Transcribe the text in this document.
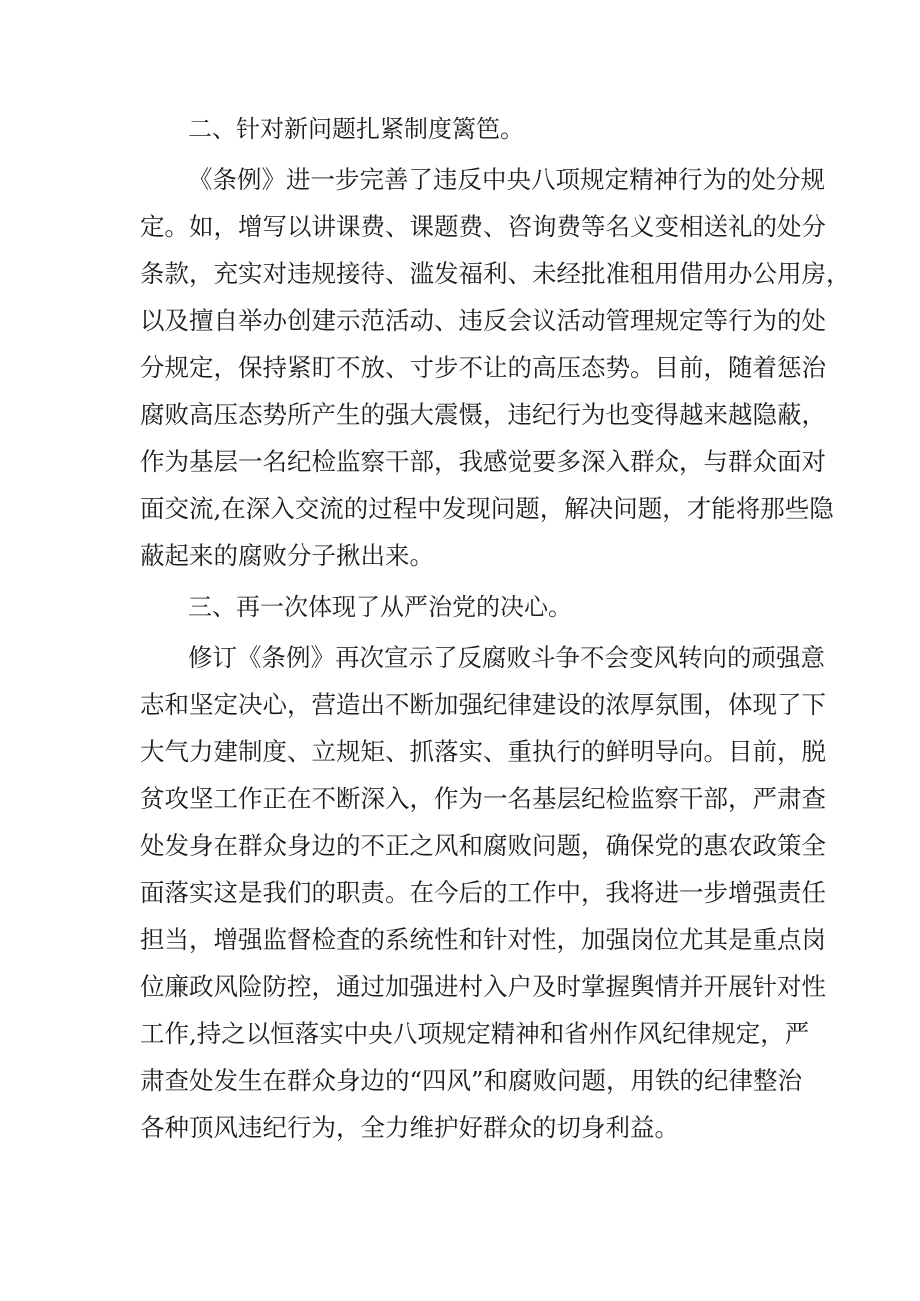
二、针对新问题扎紧制度篱笆。
《条例》进一步完善了违反中央八项规定精神行为的处分规
定。如，增写以讲课费、课题费、咨询费等名义变相送礼的处分
条款，充实对违规接待、滥发福利、未经批准租用借用办公用房，
以及擅自举办创建示范活动、违反会议活动管理规定等行为的处
分规定，保持紧盯不放、寸步不让的高压态势。目前，随着惩治
腐败高压态势所产生的强大震慑，违纪行为也变得越来越隐蔽，
作为基层一名纪检监察干部，我感觉要多深入群众，与群众面对
面交流,在深入交流的过程中发现问题，解决问题，才能将那些隐
蔽起来的腐败分子揪出来。
三、再一次体现了从严治党的决心。
修订《条例》再次宣示了反腐败斗争不会变风转向的顽强意
志和坚定决心，营造出不断加强纪律建设的浓厚氛围，体现了下
大气力建制度、立规矩、抓落实、重执行的鲜明导向。目前，脱
贫攻坚工作正在不断深入，作为一名基层纪检监察干部，严肃查
处发身在群众身边的不正之风和腐败问题，确保党的惠农政策全
面落实这是我们的职责。在今后的工作中，我将进一步增强责任
担当，增强监督检査的系统性和针对性，加强岗位尤其是重点岗
位廉政风险防控，通过加强进村入户及时掌握舆情并开展针对性
工作,持之以恒落实中央八项规定精神和省州作风纪律规定，严
肃查处发生在群众身边的“四风”和腐败问题，用铁的纪律整治
各种顶风违纪行为，全力维护好群众的切身利益。
